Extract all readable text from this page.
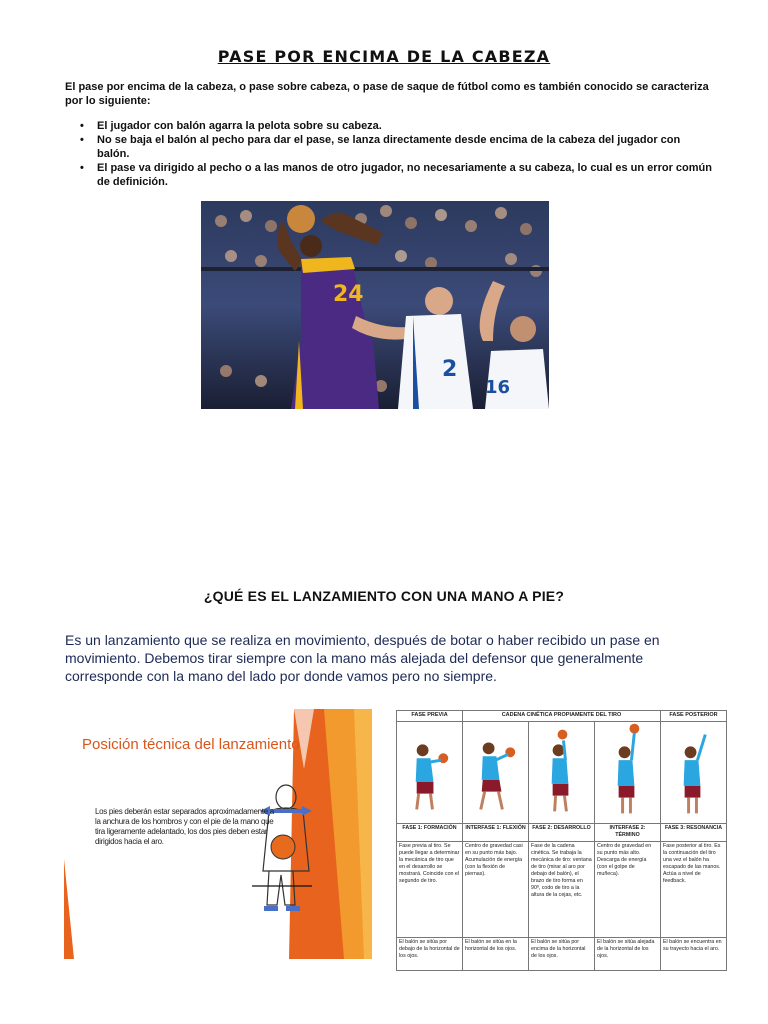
PASE POR ENCIMA DE LA CABEZA
El pase por encima de la cabeza, o pase sobre cabeza, o pase de saque de fútbol como es también conocido se caracteriza por lo siguiente:
• El jugador con balón agarra la pelota sobre su cabeza.
• No se baja el balón al pecho para dar el pase, se lanza directamente desde encima de la cabeza del jugador con balón.
• El pase va dirigido al pecho o a las manos de otro jugador, no necesariamente a su cabeza, lo cual es un error común de definición.
24
2
16
¿QUÉ ES EL LANZAMIENTO CON UNA MANO A PIE?
Es un lanzamiento que se realiza en movimiento, después de botar o haber recibido un pase en movimiento. Debemos tirar siempre con la mano más alejada del defensor que generalmente corresponde con la mano del lado por donde vamos pero no siempre.
Posición técnica del lanzamiento
Los pies deberán estar separados aproximadamente a la anchura de los hombros y con el pie de la mano que tira ligeramente adelantado, los dos pies deben estar dirigidos hacia el aro.
FASE PREVIA	CADENA CINÉTICA PROPIAMENTE DEL TIRO			FASE POSTERIOR

FASE 1: FORMACIÓN	INTERFASE 1: FLEXIÓN	FASE 2: DESARROLLO	INTERFASE 2: TÉRMINO	FASE 3: RESONANCIA
Fase previa al tiro. Se puede llegar a determinar la mecánica de tiro que en el desarrollo se mostrará. Coincide con el segundo de tiro.	Centro de gravedad casi en su punto más bajo. Acumulación de energía (con la flexión de piernas).	Fase de la cadena cinética. Se trabaja la mecánica de tiro: ventana de tiro (mirar al aro por debajo del balón), el brazo de tiro forma en 90º, codo de tiro a la altura de la cejas, etc.	Centro de gravedad en su punto más alto. Descarga de energía (con el golpe de muñeca).	Fase posterior al tiro. Es la continuación del tiro una vez el balón ha escapado de las manos. Actúa a nivel de feedback.
El balón se sitúa por debajo de la horizontal de los ojos.	El balón se sitúa en la horizontal de los ojos.	El balón se sitúa por encima de la horizontal de los ojos.	El balón se sitúa alejada de la horizontal de los ojos.	El balón se encuentra en su trayecto hacia el aro.
